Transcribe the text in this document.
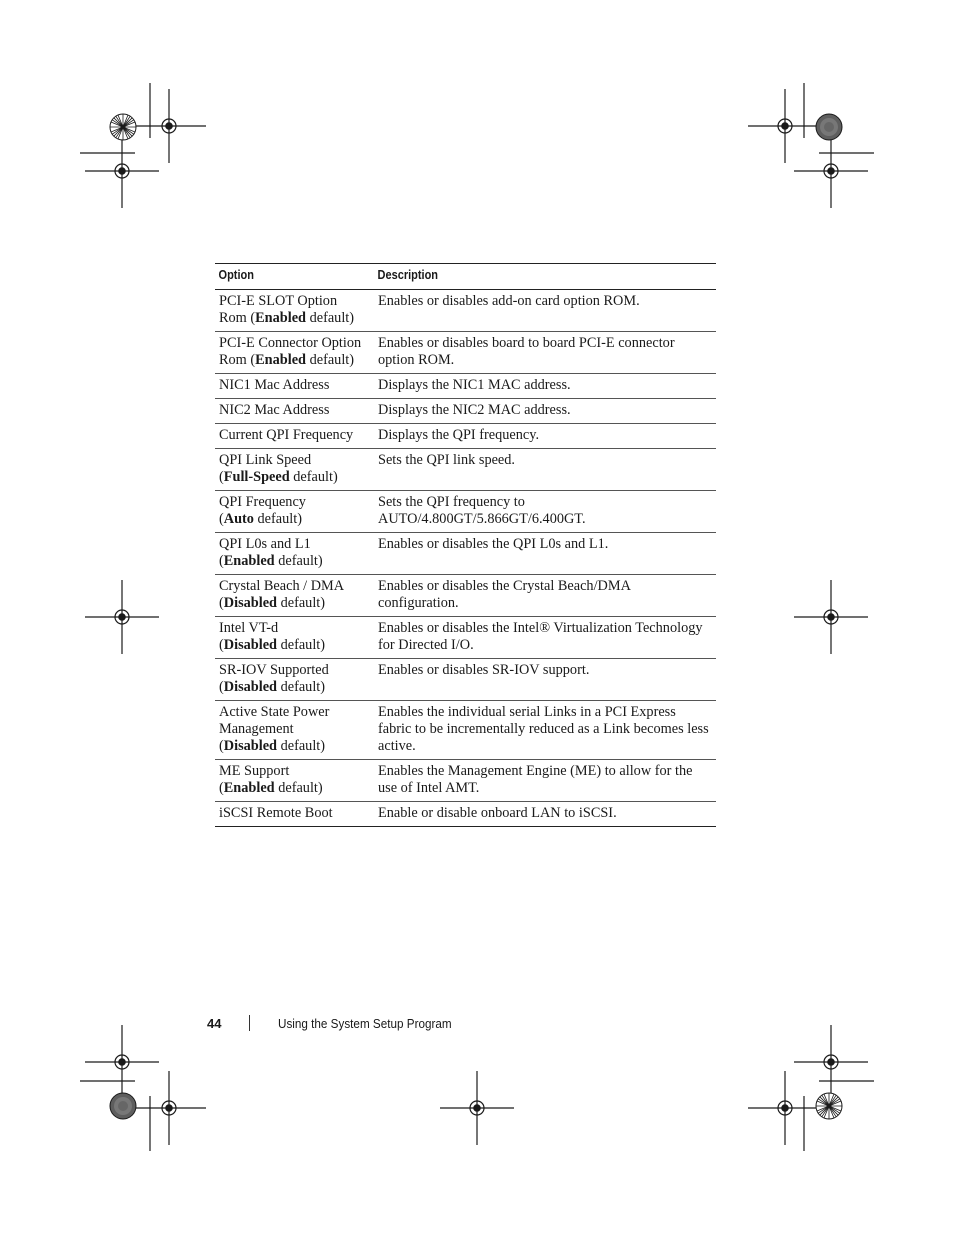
Option	Description

PCI-E SLOT Option
Rom (Enabled default)	Enables or disables add-on card option ROM.

PCI-E Connector Option
Rom (Enabled default)	Enables or disables board to board PCI-E connector option ROM.

NIC1 Mac Address	Displays the NIC1 MAC address.

NIC2 Mac Address	Displays the NIC2 MAC address.

Current QPI Frequency	Displays the QPI frequency.

QPI Link Speed
(Full-Speed default)	Sets the QPI link speed.

QPI Frequency
(Auto default)	Sets the QPI frequency to AUTO/4.800GT/5.866GT/6.400GT.

QPI L0s and L1
(Enabled default)	Enables or disables the QPI L0s and L1.

Crystal Beach / DMA
(Disabled default)	Enables or disables the Crystal Beach/DMA configuration.

Intel VT-d
(Disabled default)	Enables or disables the Intel® Virtualization Technology for Directed I/O.

SR-IOV Supported
(Disabled default)	Enables or disables SR-IOV support.

Active State Power
Management
(Disabled default)	Enables the individual serial Links in a PCI Express fabric to be incrementally reduced as a Link becomes less active.

ME Support
(Enabled default)	Enables the Management Engine (ME) to allow for the use of Intel AMT.

iSCSI Remote Boot	Enable or disable onboard LAN to iSCSI.
44	Using the System Setup Program
